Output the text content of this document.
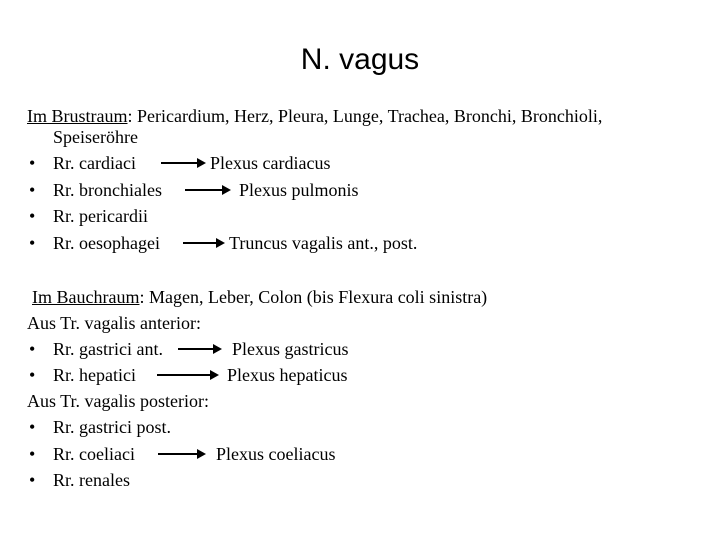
N. vagus
Im Brustraum: Pericardium, Herz, Pleura, Lunge, Trachea, Bronchi, Bronchioli,
Speiseröhre
• Rr. cardiaci	Plexus cardiacus
• Rr. bronchiales	Plexus pulmonis
• Rr. pericardii
• Rr. oesophagei	Truncus vagalis ant., post.
Im Bauchraum: Magen, Leber, Colon (bis Flexura coli sinistra)
Aus Tr. vagalis anterior:
• Rr. gastrici ant.	Plexus gastricus
• Rr. hepatici	Plexus hepaticus
Aus Tr. vagalis posterior:
• Rr. gastrici post.
• Rr. coeliaci	Plexus coeliacus
• Rr. renales
